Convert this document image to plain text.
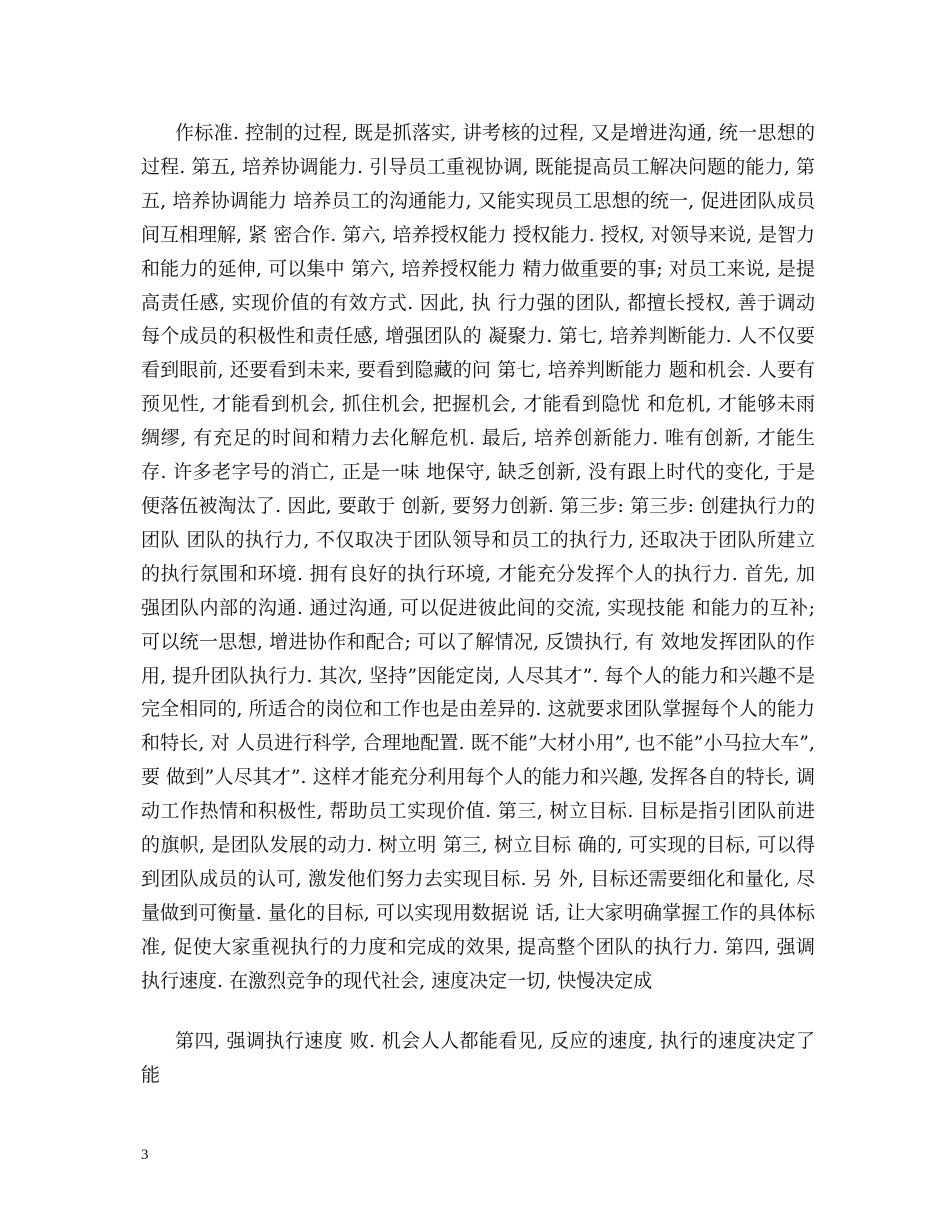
作标准. 控制的过程, 既是抓落实, 讲考核的过程, 又是增进沟通, 统一思想的 过程. 第五, 培养协调能力. 引导员工重视协调, 既能提高员工解决问题的能力, 第五, 培养协调能力 培养员工的沟通能力, 又能实现员工思想的统一, 促进团队成员间互相理解, 紧 密合作. 第六, 培养授权能力 授权能力. 授权, 对领导来说, 是智力和能力的延伸, 可以集中 第六, 培养授权能力 精力做重要的事; 对员工来说, 是提高责任感, 实现价值的有效方式. 因此, 执 行力强的团队, 都擅长授权, 善于调动每个成员的积极性和责任感, 增强团队的 凝聚力. 第七, 培养判断能力. 人不仅要看到眼前, 还要看到未来, 要看到隐藏的问 第七, 培养判断能力 题和机会. 人要有预见性, 才能看到机会, 抓住机会, 把握机会, 才能看到隐忧 和危机, 才能够未雨绸缪, 有充足的时间和精力去化解危机. 最后, 培养创新能力. 唯有创新, 才能生存. 许多老字号的消亡, 正是一味 地保守, 缺乏创新, 没有跟上时代的变化, 于是便落伍被淘汰了. 因此, 要敢于 创新, 要努力创新. 第三步: 第三步: 创建执行力的团队 团队的执行力, 不仅取决于团队领导和员工的执行力, 还取决于团队所建立 的执行氛围和环境. 拥有良好的执行环境, 才能充分发挥个人的执行力. 首先, 加强团队内部的沟通. 通过沟通, 可以促进彼此间的交流, 实现技能 和能力的互补; 可以统一思想, 增进协作和配合; 可以了解情况, 反馈执行, 有 效地发挥团队的作用, 提升团队执行力. 其次, 坚持”因能定岗, 人尽其才”. 每个人的能力和兴趣不是完全相同的, 所适合的岗位和工作也是由差异的. 这就要求团队掌握每个人的能力和特长, 对 人员进行科学, 合理地配置. 既不能”大材小用”, 也不能”小马拉大车”, 要 做到”人尽其才”. 这样才能充分利用每个人的能力和兴趣, 发挥各自的特长, 调动工作热情和积极性, 帮助员工实现价值. 第三, 树立目标. 目标是指引团队前进的旗帜, 是团队发展的动力. 树立明 第三, 树立目标 确的, 可实现的目标, 可以得到团队成员的认可, 激发他们努力去实现目标. 另 外, 目标还需要细化和量化, 尽量做到可衡量. 量化的目标, 可以实现用数据说 话, 让大家明确掌握工作的具体标准, 促使大家重视执行的力度和完成的效果, 提高整个团队的执行力. 第四, 强调执行速度. 在激烈竞争的现代社会, 速度决定一切, 快慢决定成

第四, 强调执行速度 败. 机会人人都能看见, 反应的速度, 执行的速度决定了能

3
